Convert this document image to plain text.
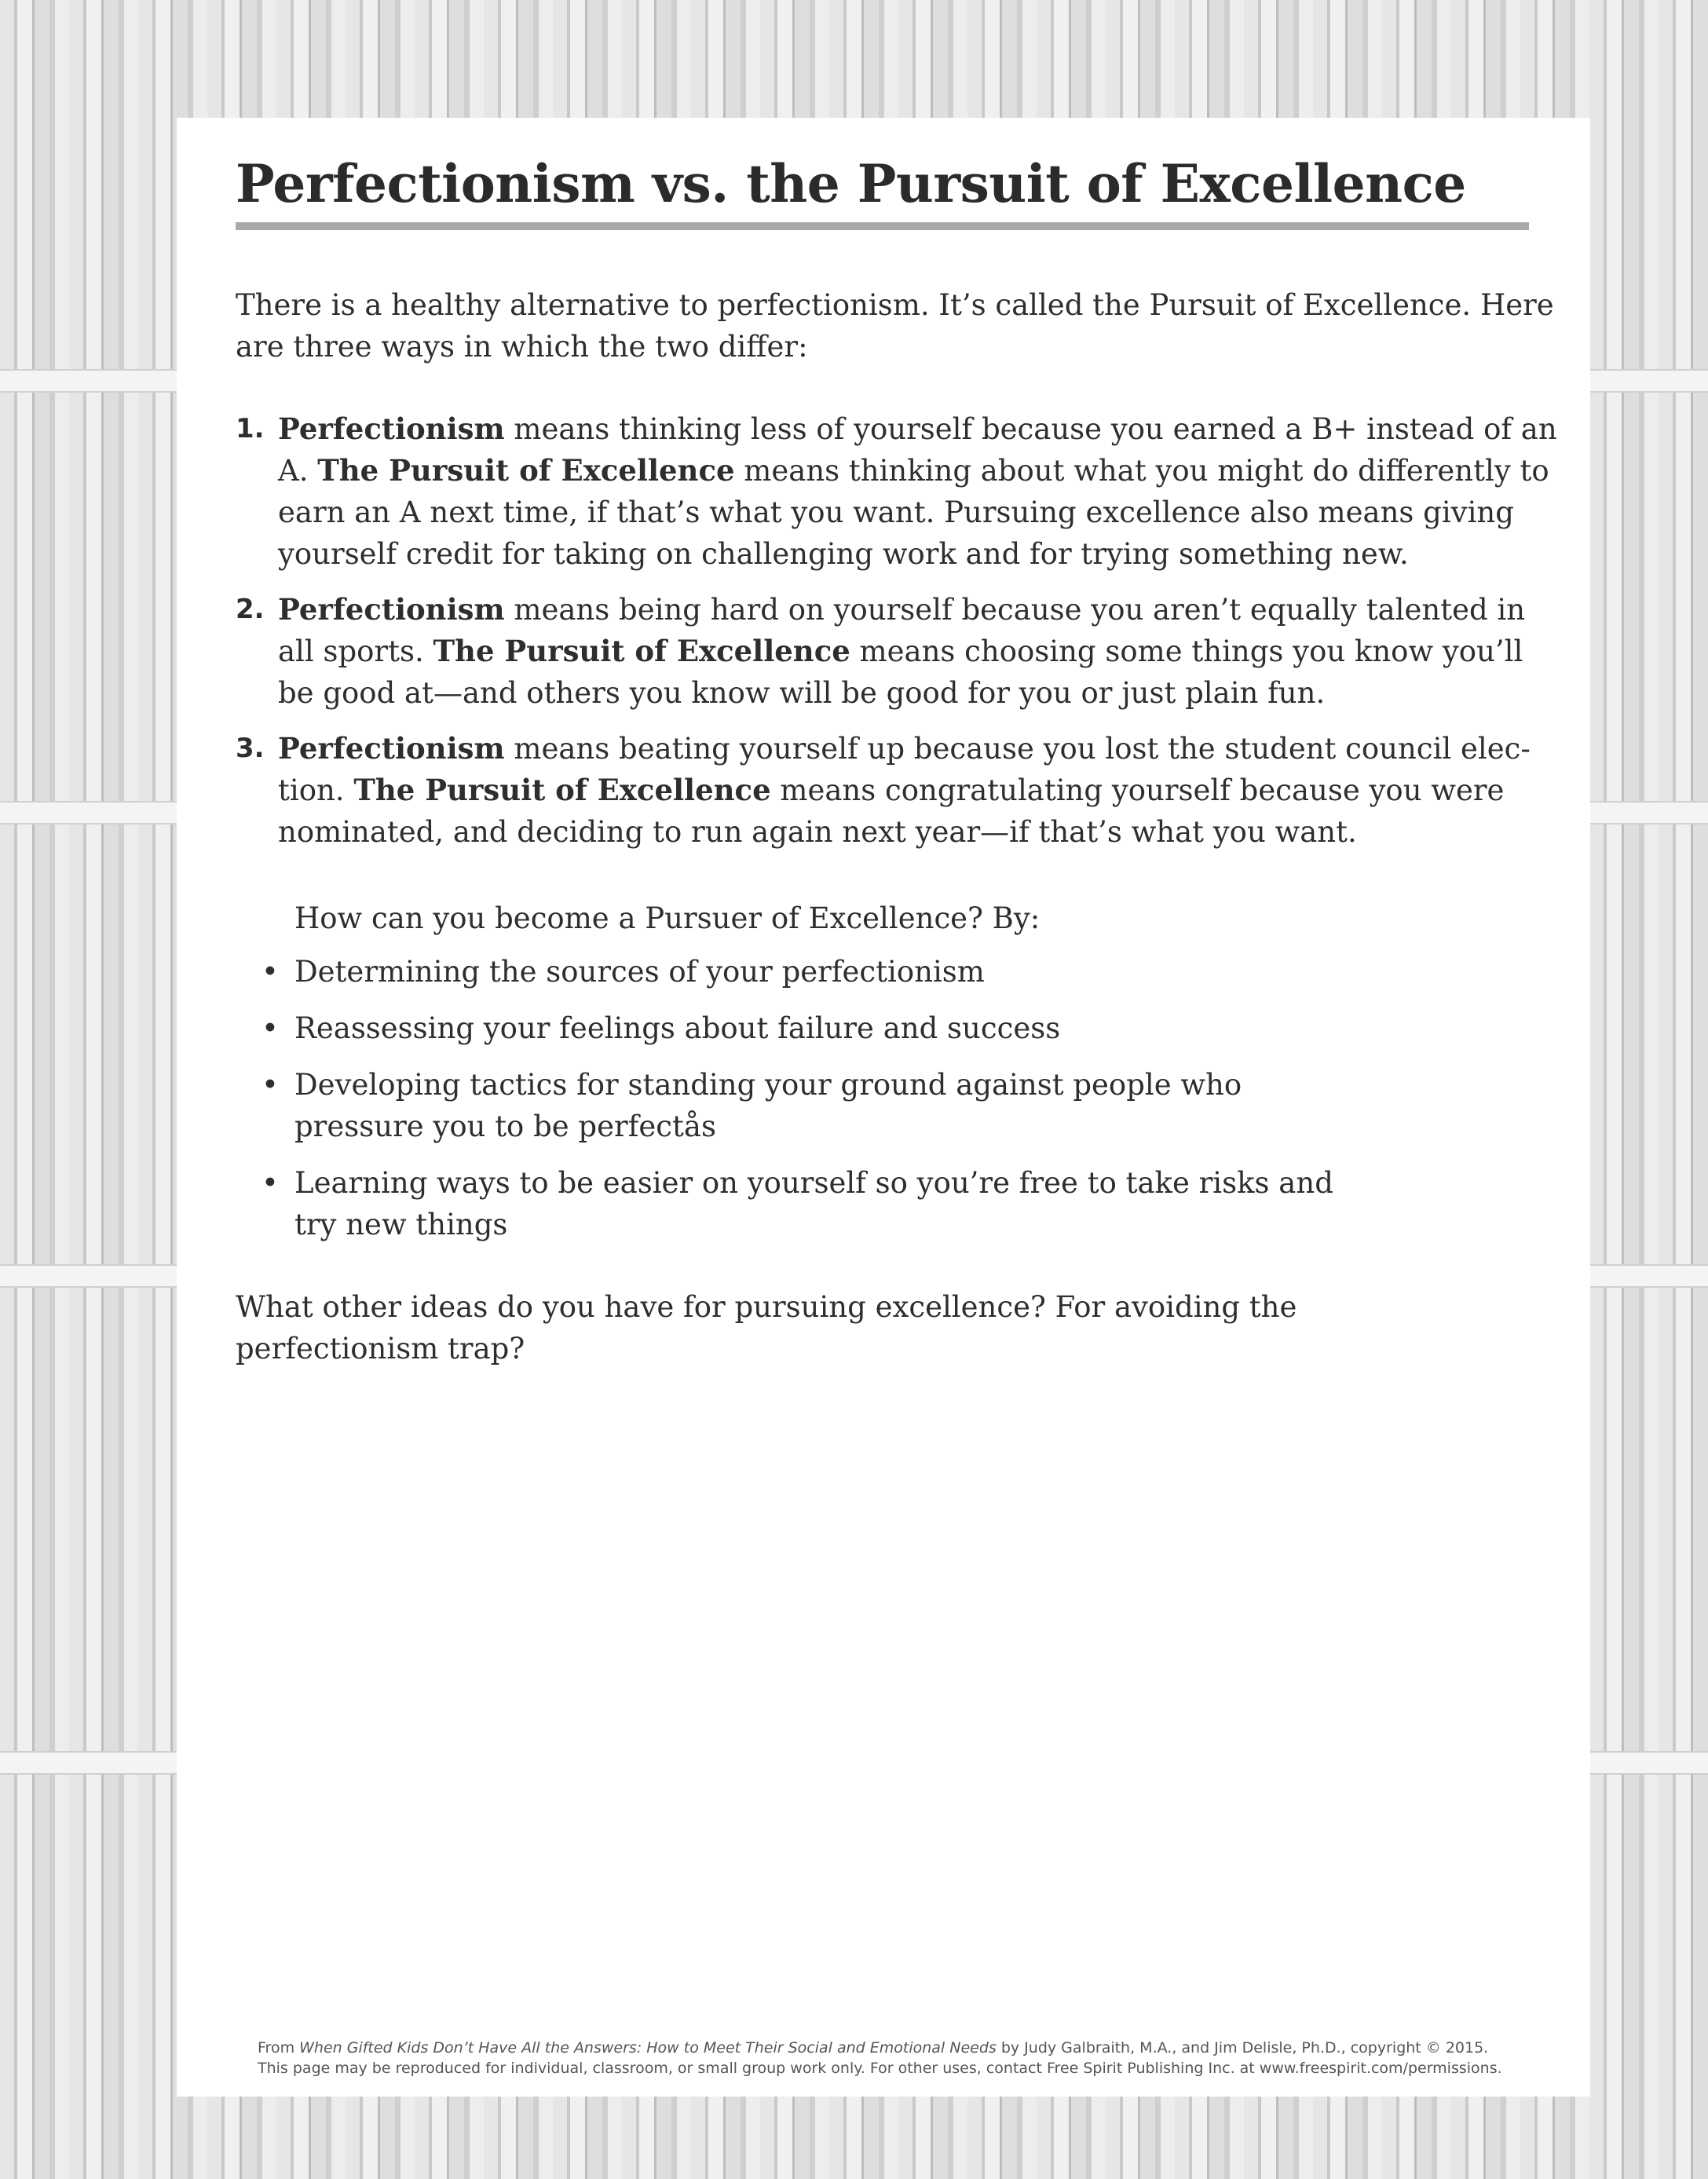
Perfectionism vs. the Pursuit of Excellence

There is a healthy alternative to perfectionism. It’s called the Pursuit of Excellence. Here are three ways in which the two differ:

1. Perfectionism means thinking less of yourself because you earned a B+ instead of an A. The Pursuit of Excellence means thinking about what you might do differently to earn an A next time, if that’s what you want. Pursuing excellence also means giving yourself credit for taking on challenging work and for trying something new.
2. Perfectionism means being hard on yourself because you aren’t equally talented in all sports. The Pursuit of Excellence means choosing some things you know you’ll be good at—and others you know will be good for you or just plain fun.
3. Perfectionism means beating yourself up because you lost the student council elec-tion. The Pursuit of Excellence means congratulating yourself because you were nominated, and deciding to run again next year—if that’s what you want.

How can you become a Pursuer of Excellence? By:

• Determining the sources of your perfectionism
• Reassessing your feelings about failure and success
• Developing tactics for standing your ground against people who pressure you to be perfectås
• Learning ways to be easier on yourself so you’re free to take risks and try new things

What other ideas do you have for pursuing excellence? For avoiding the perfectionism trap?

From When Gifted Kids Don’t Have All the Answers: How to Meet Their Social and Emotional Needs by Judy Galbraith, M.A., and Jim Delisle, Ph.D., copyright © 2015.
This page may be reproduced for individual, classroom, or small group work only. For other uses, contact Free Spirit Publishing Inc. at www.freespirit.com/permissions.
